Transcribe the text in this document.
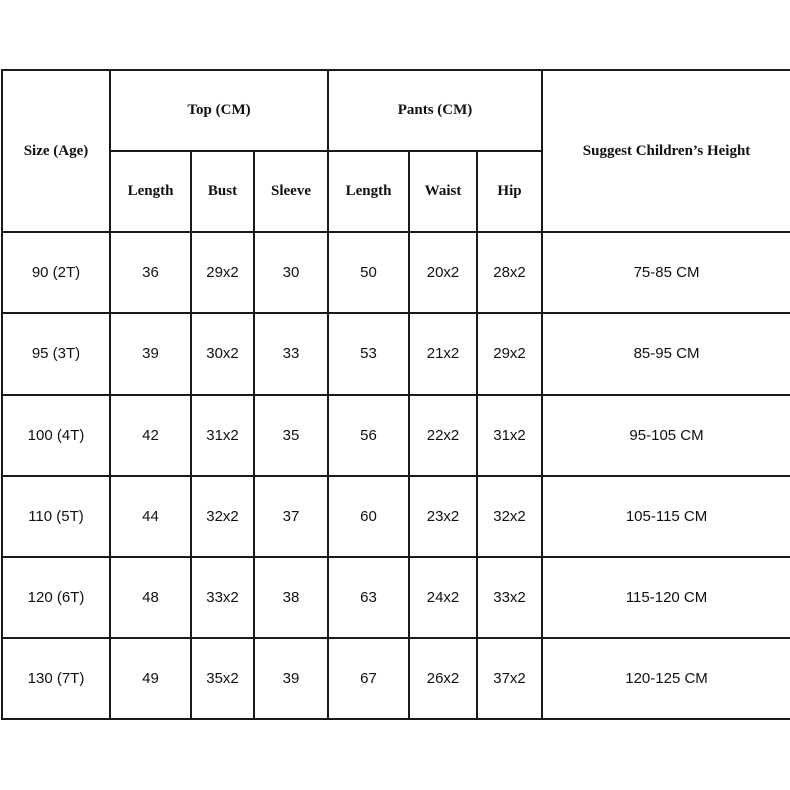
Size (Age)	Top (CM)			Pants (CM)			Suggest Children’s Height
	Length	Bust	Sleeve	Length	Waist	Hip	
90 (2T)	36	29x2	30	50	20x2	28x2	75-85 CM
95 (3T)	39	30x2	33	53	21x2	29x2	85-95 CM
100 (4T)	42	31x2	35	56	22x2	31x2	95-105 CM
110 (5T)	44	32x2	37	60	23x2	32x2	105-115 CM
120 (6T)	48	33x2	38	63	24x2	33x2	115-120 CM
130 (7T)	49	35x2	39	67	26x2	37x2	120-125 CM
